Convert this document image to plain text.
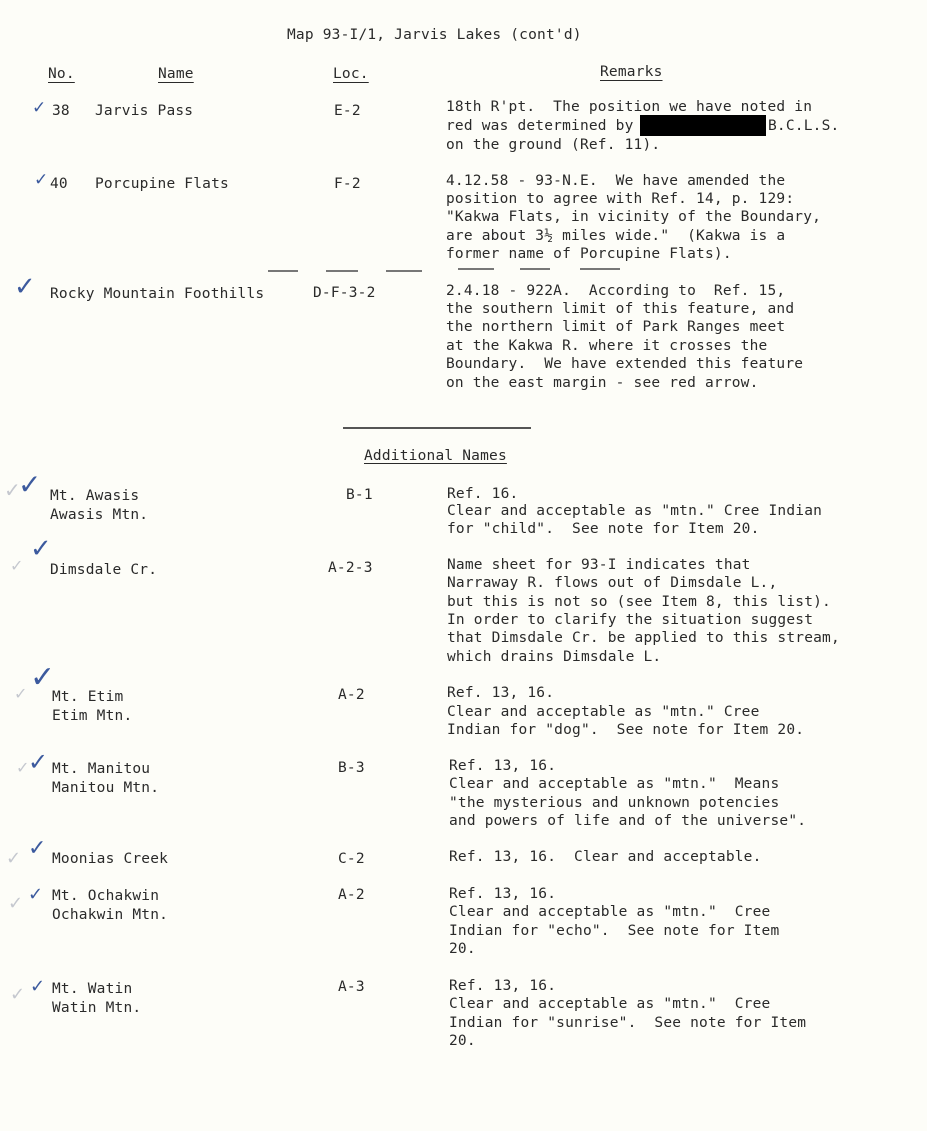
Map 93-I/1, Jarvis Lakes (cont'd)
No.	Name	Loc.	Remarks
✓ 38 Jarvis Pass	E-2	18th R'pt.  The position we have noted in
red was determined by	B.C.L.S.
on the ground (Ref. 11).
✓ 40 Porcupine Flats	F-2	4.12.58 - 93-N.E.  We have amended the
position to agree with Ref. 14, p. 129:
"Kakwa Flats, in vicinity of the Boundary,
are about 3½ miles wide."  (Kakwa is a
former name of Porcupine Flats).
✓ Rocky Mountain Foothills	D-F-3-2	2.4.18 - 922A.  According to  Ref. 15,
the southern limit of this feature, and
the northern limit of Park Ranges meet
at the Kakwa R. where it crosses the
Boundary.  We have extended this feature
on the east margin - see red arrow.
Additional Names
✓
✓ Mt. Awasis
Awasis Mtn.
B-1	Ref. 16.
Clear and acceptable as "mtn." Cree Indian
for "child".  See note for Item 20.
✓
✓
Dimsdale Cr.	A-2-3	Name sheet for 93-I indicates that
Narraway R. flows out of Dimsdale L.,
but this is not so (see Item 8, this list).
In order to clarify the situation suggest
that Dimsdale Cr. be applied to this stream,
which drains Dimsdale L.
✓ ✓
Mt. Etim
Etim Mtn.
A-2	Ref. 13, 16.
Clear and acceptable as "mtn." Cree
Indian for "dog".  See note for Item 20.
✓
✓ Mt. Manitou
Manitou Mtn.
B-3	Ref. 13, 16.
Clear and acceptable as "mtn."  Means
"the mysterious and unknown potencies
and powers of life and of the universe".
✓ ✓ Moonias Creek	C-2	Ref. 13, 16.  Clear and acceptable.
✓ ✓ Mt. Ochakwin
Ochakwin Mtn.
A-2	Ref. 13, 16.
Clear and acceptable as "mtn."  Cree
Indian for "echo".  See note for Item
20.
✓ ✓ Mt. Watin
Watin Mtn.
A-3	Ref. 13, 16.
Clear and acceptable as "mtn."  Cree
Indian for "sunrise".  See note for Item
20.
